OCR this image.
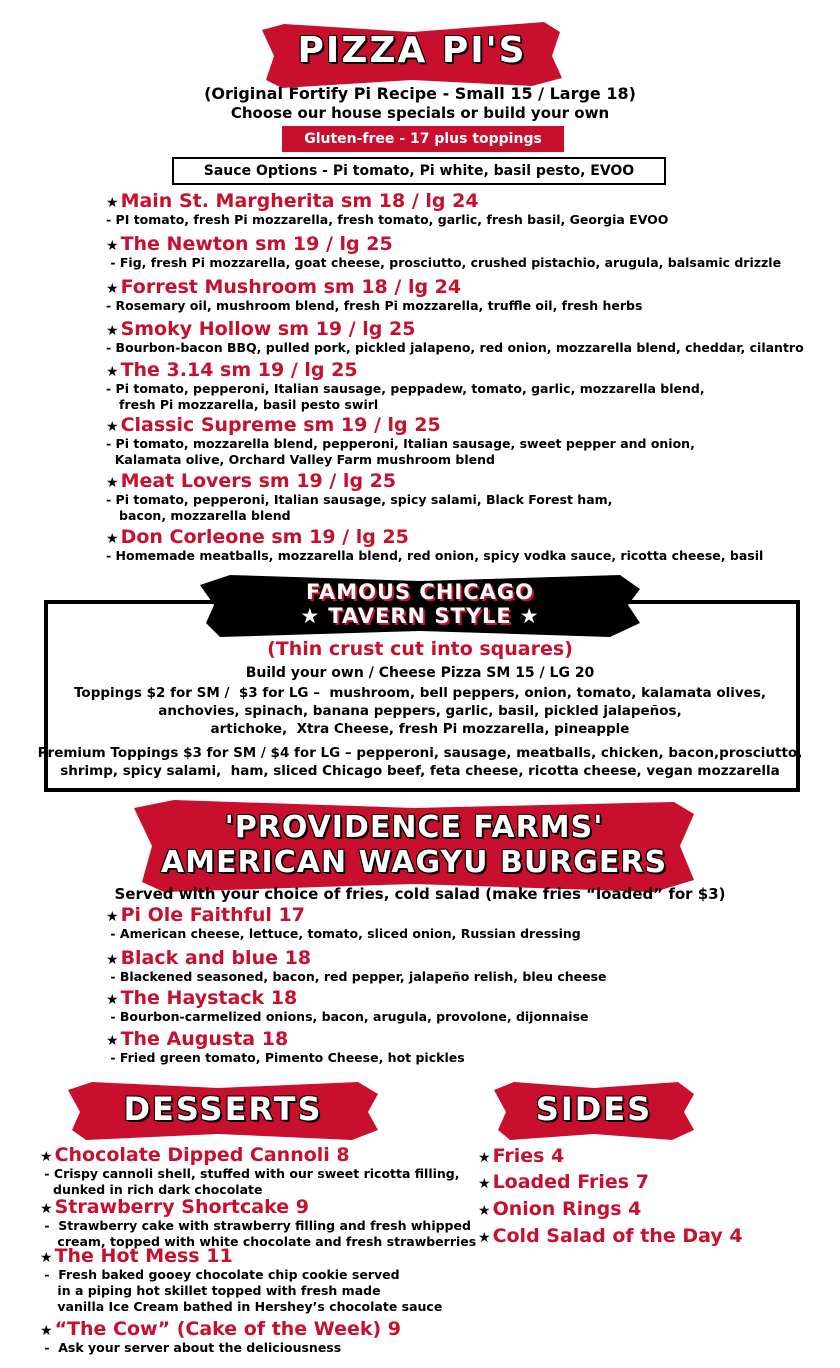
PIZZA PI'S
(Original Fortify Pi Recipe - Small 15 / Large 18)
Choose our house specials or build your own
Gluten-free - 17 plus toppings
Sauce Options - Pi tomato, Pi white, basil pesto, EVOO
★ Main St. Margherita sm 18 / lg 24
- PI tomato, fresh Pi mozzarella, fresh tomato, garlic, fresh basil, Georgia EVOO
★ The Newton sm 19 / lg 25
- Fig, fresh Pi mozzarella, goat cheese, prosciutto, crushed pistachio, arugula, balsamic drizzle
★ Forrest Mushroom sm 18 / lg 24
- Rosemary oil, mushroom blend, fresh Pi mozzarella, truffle oil, fresh herbs
★ Smoky Hollow sm 19 / lg 25
- Bourbon-bacon BBQ, pulled pork, pickled jalapeno, red onion, mozzarella blend, cheddar, cilantro
★ The 3.14 sm 19 / lg 25
- Pi tomato, pepperoni, Italian sausage, peppadew, tomato, garlic, mozzarella blend,
fresh Pi mozzarella, basil pesto swirl
★ Classic Supreme sm 19 / lg 25
- Pi tomato, mozzarella blend, pepperoni, Italian sausage, sweet pepper and onion,
Kalamata olive, Orchard Valley Farm mushroom blend
★ Meat Lovers sm 19 / lg 25
- Pi tomato, pepperoni, Italian sausage, spicy salami, Black Forest ham,
bacon, mozzarella blend
★ Don Corleone sm 19 / lg 25
- Homemade meatballs, mozzarella blend, red onion, spicy vodka sauce, ricotta cheese, basil
FAMOUS CHICAGO
★ TAVERN STYLE ★
(Thin crust cut into squares)
Build your own / Cheese Pizza SM 15 / LG 20
Toppings $2 for SM /  $3 for LG –  mushroom, bell peppers, onion, tomato, kalamata olives,
anchovies, spinach, banana peppers, garlic, basil, pickled jalapeños,
artichoke,  Xtra Cheese, fresh Pi mozzarella, pineapple
Premium Toppings $3 for SM / $4 for LG – pepperoni, sausage, meatballs, chicken, bacon,prosciutto,
shrimp, spicy salami,  ham, sliced Chicago beef, feta cheese, ricotta cheese, vegan mozzarella
'PROVIDENCE FARMS'
AMERICAN WAGYU BURGERS
Served with your choice of fries, cold salad (make fries “loaded” for $3)
★ Pi Ole Faithful 17
- American cheese, lettuce, tomato, sliced onion, Russian dressing
★ Black and blue 18
- Blackened seasoned, bacon, red pepper, jalapeño relish, bleu cheese
★ The Haystack 18
- Bourbon-carmelized onions, bacon, arugula, provolone, dijonnaise
★ The Augusta 18
- Fried green tomato, Pimento Cheese, hot pickles
DESSERTS	SIDES
★ Chocolate Dipped Cannoli 8
- Crispy cannoli shell, stuffed with our sweet ricotta filling,
dunked in rich dark chocolate
★ Strawberry Shortcake 9
-  Strawberry cake with strawberry filling and fresh whipped
cream, topped with white chocolate and fresh strawberries
★ The Hot Mess 11
-  Fresh baked gooey chocolate chip cookie served
in a piping hot skillet topped with fresh made
vanilla Ice Cream bathed in Hershey’s chocolate sauce
★ “The Cow” (Cake of the Week) 9
-  Ask your server about the deliciousness
★ Fries 4
★ Loaded Fries 7
★ Onion Rings 4
★ Cold Salad of the Day 4
